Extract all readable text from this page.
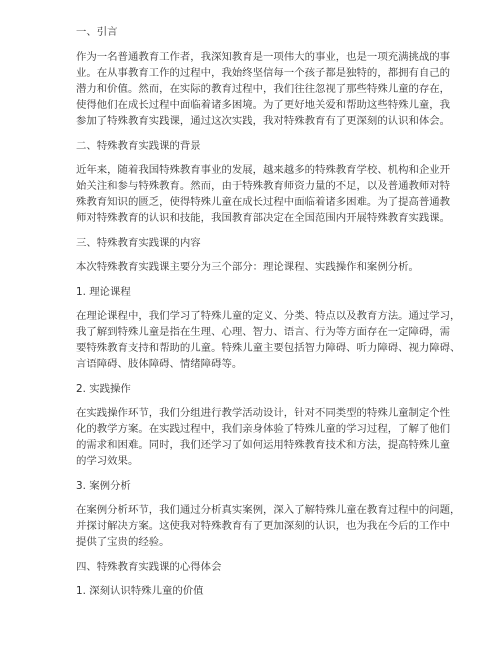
一、引言

作为一名普通教育工作者，我深知教育是一项伟大的事业，也是一项充满挑战的事

业。在从事教育工作的过程中，我始终坚信每一个孩子都是独特的，都拥有自己的

潜力和价值。然而，在实际的教育过程中，我们往往忽视了那些特殊儿童的存在，

使得他们在成长过程中面临着诸多困境。为了更好地关爱和帮助这些特殊儿童，我

参加了特殊教育实践课，通过这次实践，我对特殊教育有了更深刻的认识和体会。

二、特殊教育实践课的背景

近年来，随着我国特殊教育事业的发展，越来越多的特殊教育学校、机构和企业开

始关注和参与特殊教育。然而，由于特殊教育师资力量的不足，以及普通教师对特

殊教育知识的匮乏，使得特殊儿童在成长过程中面临着诸多困难。为了提高普通教

师对特殊教育的认识和技能，我国教育部决定在全国范围内开展特殊教育实践课。

三、特殊教育实践课的内容

本次特殊教育实践课主要分为三个部分：理论课程、实践操作和案例分析。

1. 理论课程

在理论课程中，我们学习了特殊儿童的定义、分类、特点以及教育方法。通过学习，

我了解到特殊儿童是指在生理、心理、智力、语言、行为等方面存在一定障碍，需

要特殊教育支持和帮助的儿童。特殊儿童主要包括智力障碍、听力障碍、视力障碍、

言语障碍、肢体障碍、情绪障碍等。

2. 实践操作

在实践操作环节，我们分组进行教学活动设计，针对不同类型的特殊儿童制定个性

化的教学方案。在实践过程中，我们亲身体验了特殊儿童的学习过程，了解了他们

的需求和困难。同时，我们还学习了如何运用特殊教育技术和方法，提高特殊儿童

的学习效果。

3. 案例分析

在案例分析环节，我们通过分析真实案例，深入了解特殊儿童在教育过程中的问题，

并探讨解决方案。这使我对特殊教育有了更加深刻的认识，也为我在今后的工作中

提供了宝贵的经验。

四、特殊教育实践课的心得体会

1. 深刻认识特殊儿童的价值
